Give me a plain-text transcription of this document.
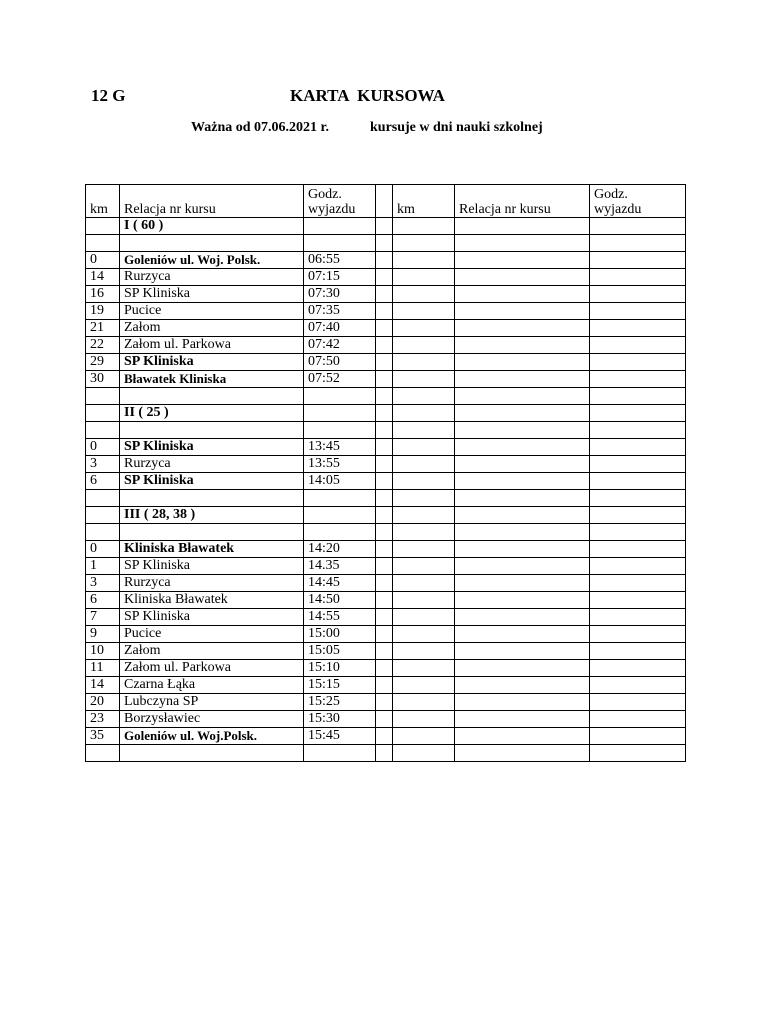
12 G	KARTA  KURSOWA
Ważna od 07.06.2021 r.	kursuje w dni nauki szkolnej
km	Relacja nr kursu	Godz.
wyjazdu		km	Relacja nr kursu	Godz.
wyjazdu
	I ( 60 )					

0	Goleniów ul. Woj. Polsk.	06:55				
14	Rurzyca	07:15				
16	SP Kliniska	07:30				
19	Pucice	07:35				
21	Załom	07:40				
22	Załom ul. Parkowa	07:42				
29	SP Kliniska	07:50				
30	Bławatek Kliniska	07:52				

	II ( 25 )					

0	SP Kliniska	13:45				
3	Rurzyca	13:55				
6	SP Kliniska	14:05				

	III ( 28, 38 )					

0	Kliniska Bławatek	14:20				
1	SP Kliniska	14.35				
3	Rurzyca	14:45				
6	Kliniska Bławatek	14:50				
7	SP Kliniska	14:55				
9	Pucice	15:00				
10	Załom	15:05				
11	Załom ul. Parkowa	15:10				
14	Czarna Łąka	15:15				
20	Lubczyna SP	15:25				
23	Borzysławiec	15:30				
35	Goleniów ul. Woj.Polsk.	15:45				
